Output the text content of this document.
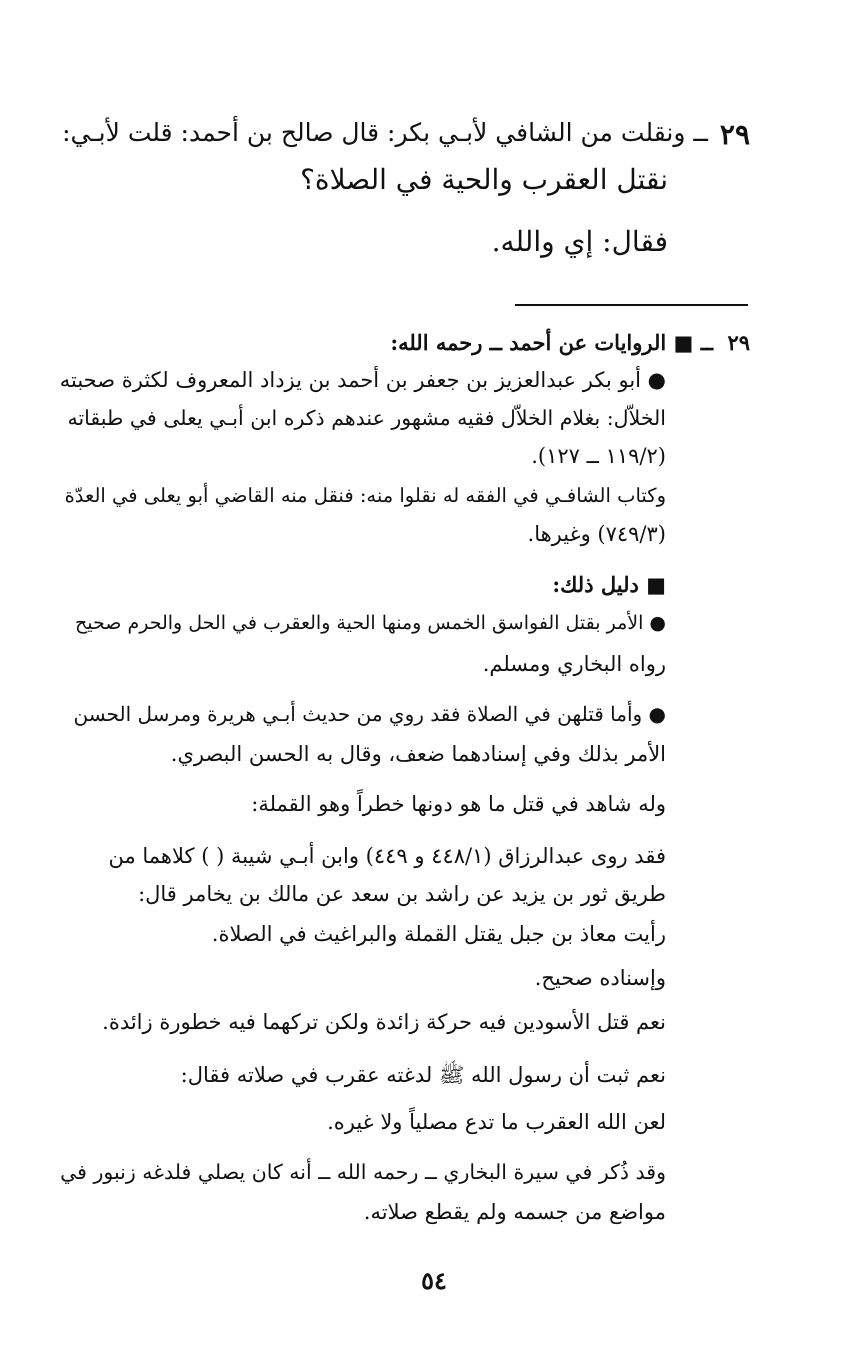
٢٩
ــ ونقلت من الشافي لأبـي بكر: قال صالح بن أحمد: قلت لأبـي:
نقتل العقرب والحية في الصلاة؟
فقال: إي والله.
٢٩
ــ ■ الروايات عن أحمد ــ رحمه الله:
● أبو بكر عبدالعزيز بن جعفر بن أحمد بن يزداد المعروف لكثرة صحبته
الخلاّل: بغلام الخلاّل فقيه مشهور عندهم ذكره ابن أبـي يعلى في طبقاته
(١١٩/٢ ــ ١٢٧).
وكتاب الشافـي في الفقه له نقلوا منه: فنقل منه القاضي أبو يعلى في العدّة
(٧٤٩/٣) وغيرها.
■ دليل ذلك:
● الأمر بقتل الفواسق الخمس ومنها الحية والعقرب في الحل والحرم صحيح
رواه البخاري ومسلم.
● وأما قتلهن في الصلاة فقد روي من حديث أبـي هريرة ومرسل الحسن
الأمر بذلك وفي إسنادهما ضعف، وقال به الحسن البصري.
وله شاهد في قتل ما هو دونها خطراً وهو القملة:
فقد روى عبدالرزاق (٤٤٨/١ و ٤٤٩) وابن أبـي شيبة ( ) كلاهما من
طريق ثور بن يزيد عن راشد بن سعد عن مالك بن يخامر قال:
رأيت معاذ بن جبل يقتل القملة والبراغيث في الصلاة.
وإسناده صحيح.
نعم قتل الأسودين فيه حركة زائدة ولكن تركهما فيه خطورة زائدة.
نعم ثبت أن رسول الله ﷺ لدغته عقرب في صلاته فقال:
لعن الله العقرب ما تدع مصلياً ولا غيره.
وقد ذُكر في سيرة البخاري ــ رحمه الله ــ أنه كان يصلي فلدغه زنبور في
مواضع من جسمه ولم يقطع صلاته.
٥٤
